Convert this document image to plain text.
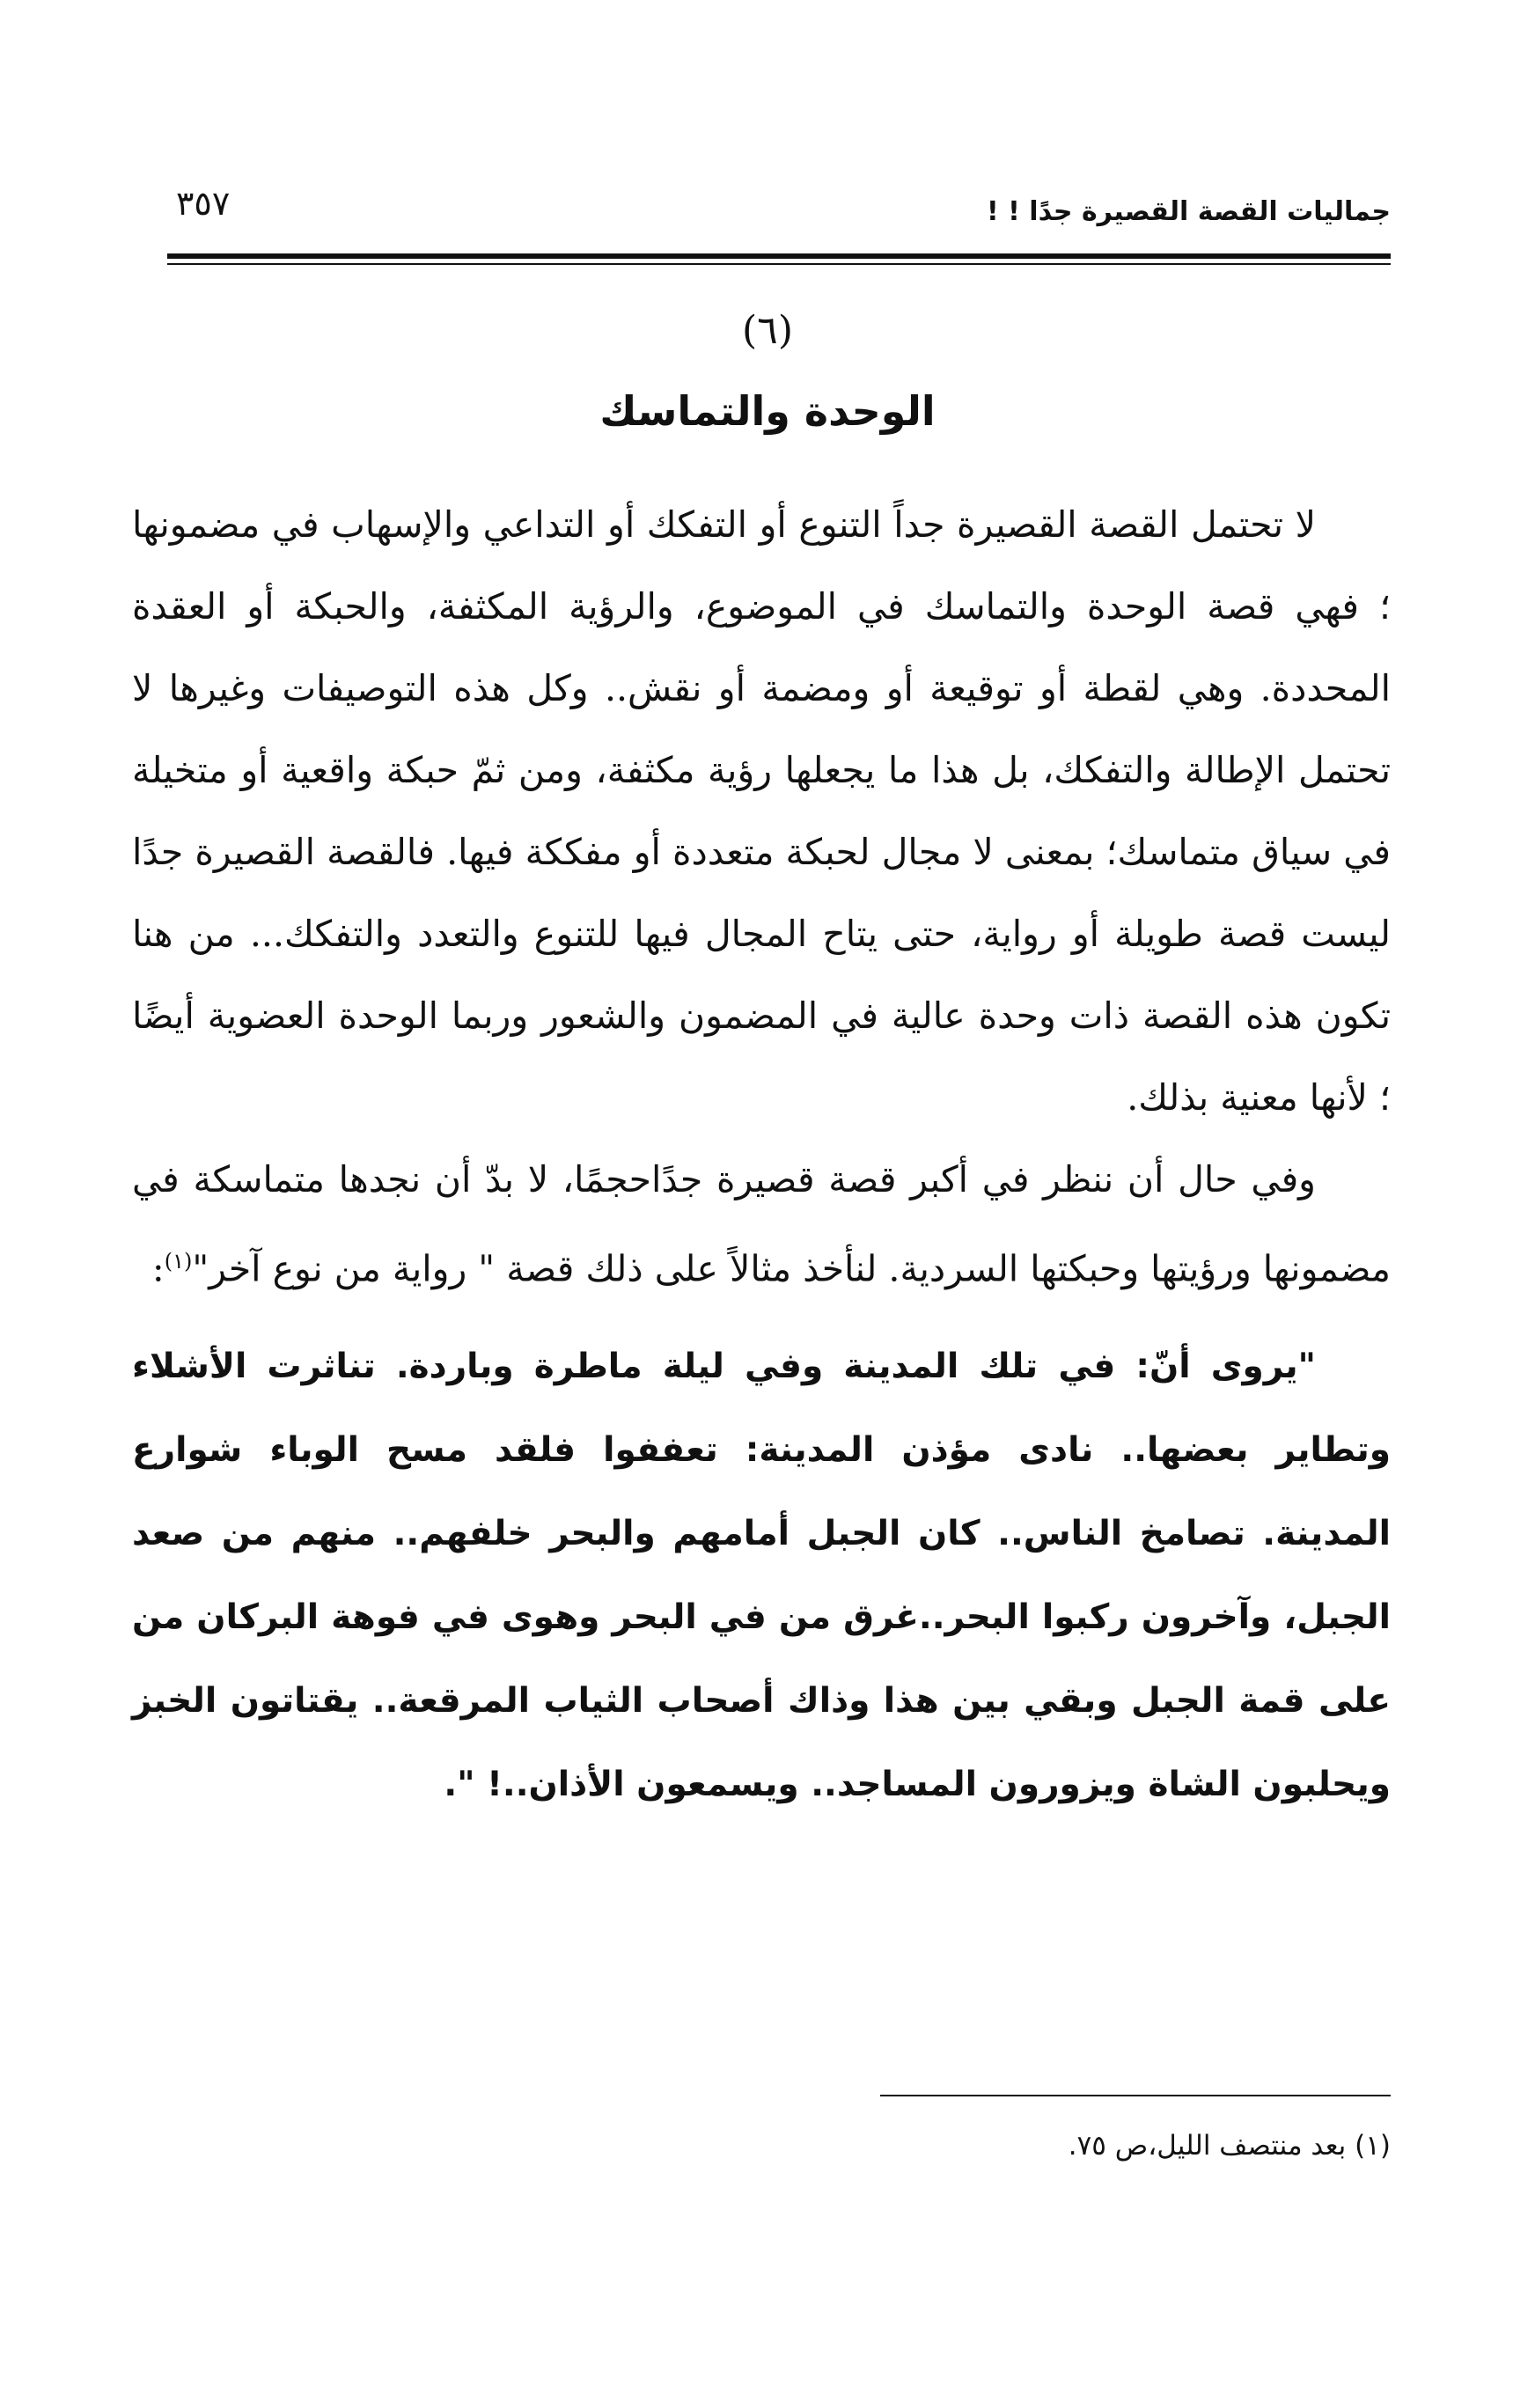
جماليات القصة القصيرة جدًا ! !
٣٥٧
(٦)
الوحدة والتماسك

لا تحتمل القصة القصيرة جداً التنوع أو التفكك أو التداعي والإسهاب في مضمونها ؛ فهي قصة الوحدة والتماسك في الموضوع، والرؤية المكثفة، والحبكة أو العقدة المحددة. وهي لقطة أو توقيعة أو ومضمة أو نقش.. وكل هذه التوصيفات وغيرها لا تحتمل الإطالة والتفكك، بل هذا ما يجعلها رؤية مكثفة، ومن ثمّ حبكة واقعية أو متخيلة في سياق متماسك؛ بمعنى لا مجال لحبكة متعددة أو مفككة فيها. فالقصة القصيرة جدًا ليست قصة طويلة أو رواية، حتى يتاح المجال فيها للتنوع والتعدد والتفكك... من هنا تكون هذه القصة ذات وحدة عالية في المضمون والشعور وربما الوحدة العضوية أيضًا ؛ لأنها معنية بذلك.

وفي حال أن ننظر في أكبر قصة قصيرة جدًاحجمًا، لا بدّ أن نجدها متماسكة في مضمونها ورؤيتها وحبكتها السردية. لنأخذ مثالاً على ذلك قصة " رواية من نوع آخر"$^{(١)}$:

"يروى أنّ: في تلك المدينة وفي ليلة ماطرة وباردة. تناثرت الأشلاء وتطاير بعضها.. نادى مؤذن المدينة: تعففوا فلقد مسح الوباء شوارع المدينة. تصامخ الناس.. كان الجبل أمامهم والبحر خلفهم.. منهم من صعد الجبل، وآخرون ركبوا البحر..غرق من في البحر وهوى في فوهة البركان من على قمة الجبل وبقي بين هذا وذاك أصحاب الثياب المرقعة.. يقتاتون الخبز ويحلبون الشاة ويزورون المساجد.. ويسمعون الأذان..! ".

(١) بعد منتصف الليل،ص ٧٥.
